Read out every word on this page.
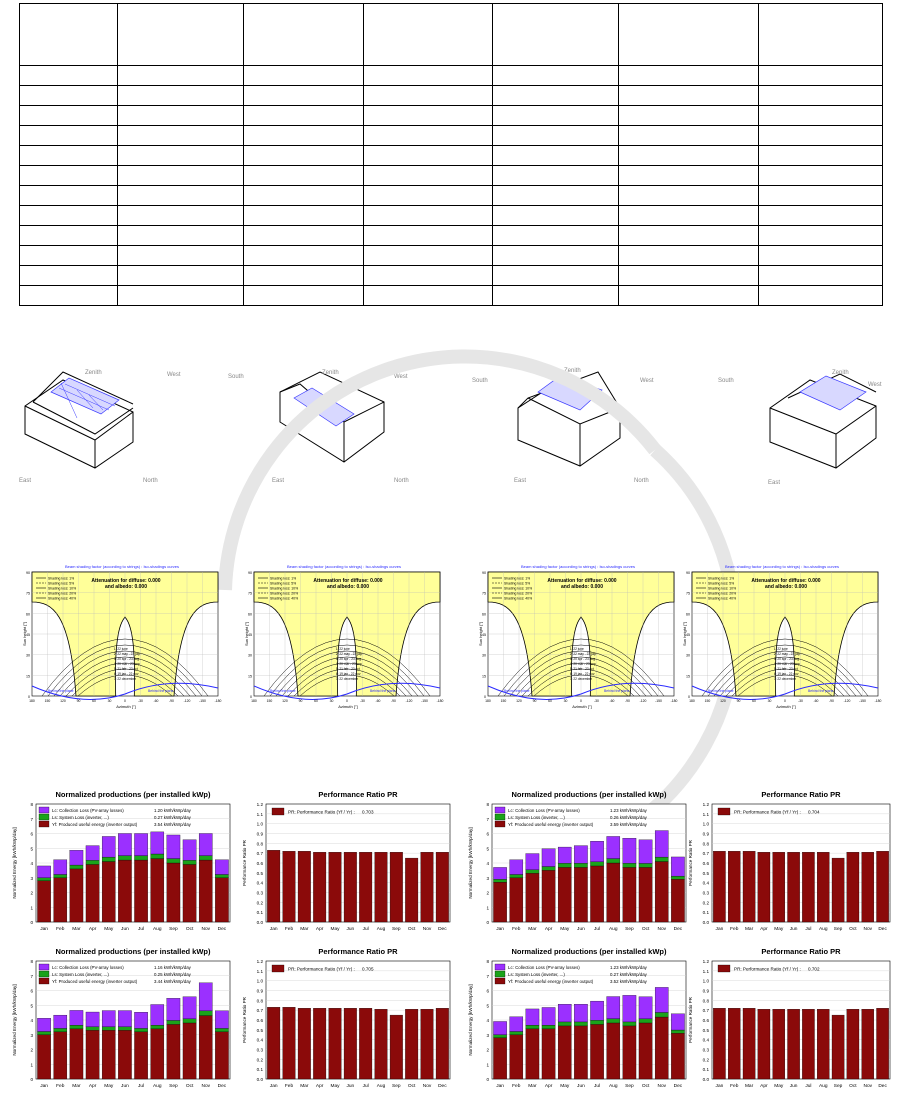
Zenith	West
East	North
Zenith
South	West
East	North
Zenith
South	West
East	North
Zenith
South
West
East
Beam shading factor (according to strings) : Iso-shadings curves
Attenuation for diffuse: 0.000
and albedo: 0.000
Shading loss: 1%
Shading loss: 5%
Shading loss: 10%
Shading loss: 20%
Shading loss: 40%
1: 22 june
2: 22 may - 23 july
3: 20 apr - 23 aug
4: 20 mar - 23 sep
5: 21 feb - 23 oct
6: 19 jan - 22 nov
7: 22 december
Behind the plane	Behind the plane
90
75
60
45
30
15
0
180	150	120	90	60	30	0	-30	-60	-90	-120	-150	-180
Azimuth [°]
Sun height [°]
Beam shading factor (according to strings) : Iso-shadings curves
Attenuation for diffuse: 0.000
and albedo: 0.000
Shading loss: 1%
Shading loss: 5%
Shading loss: 10%
Shading loss: 20%
Shading loss: 40%
1: 22 june
2: 22 may - 23 july
3: 20 apr - 23 aug
4: 20 mar - 23 sep
5: 21 feb - 23 oct
6: 19 jan - 22 nov
7: 22 december
Behind the plane	Behind the plane
90
75
60
45
30
15
0
180	150	120	90	60	30	0	-30	-60	-90	-120	-150	-180
Azimuth [°]
Sun height [°]
Beam shading factor (according to strings) : Iso-shadings curves
Attenuation for diffuse: 0.000
and albedo: 0.000
Shading loss: 1%
Shading loss: 5%
Shading loss: 10%
Shading loss: 20%
Shading loss: 40%
1: 22 june
2: 22 may - 23 july
3: 20 apr - 23 aug
4: 20 mar - 23 sep
5: 21 feb - 23 oct
6: 19 jan - 22 nov
7: 22 december
Behind the plane	Behind the plane
90
75
60
45
30
15
0
180	150	120	90	60	30	0	-30	-60	-90	-120	-150	-180
Azimuth [°]
Sun height [°]
Beam shading factor (according to strings) : Iso-shadings curves
Attenuation for diffuse: 0.000
and albedo: 0.000
Shading loss: 1%
Shading loss: 5%
Shading loss: 10%
Shading loss: 20%
Shading loss: 40%
1: 22 june
2: 22 may - 23 july
3: 20 apr - 23 aug
4: 20 mar - 23 sep
5: 21 feb - 23 oct
6: 19 jan - 22 nov
7: 22 december
Behind the plane	Behind the plane
90
75
60
45
30
15
0
180	150	120	90	60	30	0	-30	-60	-90	-120	-150	-180
Azimuth [°]
Sun height [°]
Normalized productions (per installed kWp)
0
1
2
3
4
5
6
7
8
Normalized Energy [kWh/kWp/day]
Jan Feb Mar Apr May Jun Jul Aug Sep Oct Nov Dec
Lc: Collection Loss (PV-array losses)	1.20 kWh/kWp/day
Ls: System Loss (inverter, ...)	0.27 kWh/kWp/day
Yf: Produced useful energy (inverter output)	3.54 kWh/kWp/day
Performance Ratio PR
0.0
0.1
0.2
0.3
0.4
0.5
0.6
0.7
0.8
0.9
1.0
1.1
1.2
Performance Ratio PR
Jan Feb Mar Apr May Jun Jul Aug Sep Oct Nov Dec
PR: Performance Ratio (Yf / Yr) : 0.703
Normalized productions (per installed kWp)
0
1
2
3
4
5
6
7
8
Normalized Energy [kWh/kWp/day]
Jan Feb Mar Apr May Jun Jul Aug Sep Oct Nov Dec
Lc: Collection Loss (PV-array losses)	1.23 kWh/kWp/day
Ls: System Loss (inverter, ...)	0.26 kWh/kWp/day
Yf: Produced useful energy (inverter output)	3.59 kWh/kWp/day
Performance Ratio PR
0.0
0.1
0.2
0.3
0.4
0.5
0.6
0.7
0.8
0.9
1.0
1.1
1.2
Performance Ratio PR
Jan Feb Mar Apr May Jun Jul Aug Sep Oct Nov Dec
PR: Performance Ratio (Yf / Yr) : 0.704
Normalized productions (per installed kWp)
0
1
2
3
4
5
6
7
8
Normalized Energy [kWh/kWp/day]
Jan Feb Mar Apr May Jun Jul Aug Sep Oct Nov Dec
Lc: Collection Loss (PV-array losses)	1.16 kWh/kWp/day
Ls: System Loss (inverter, ...)	0.25 kWh/kWp/day
Yf: Produced useful energy (inverter output)	3.44 kWh/kWp/day
Performance Ratio PR
0.0
0.1
0.2
0.3
0.4
0.5
0.6
0.7
0.8
0.9
1.0
1.1
1.2
Performance Ratio PR
Jan Feb Mar Apr May Jun Jul Aug Sep Oct Nov Dec
PR: Performance Ratio (Yf / Yr) : 0.705
Normalized productions (per installed kWp)
0
1
2
3
4
5
6
7
8
Normalized Energy [kWh/kWp/day]
Jan Feb Mar Apr May Jun Jul Aug Sep Oct Nov Dec
Lc: Collection Loss (PV-array losses)	1.23 kWh/kWp/day
Ls: System Loss (inverter, ...)	0.27 kWh/kWp/day
Yf: Produced useful energy (inverter output)	3.52 kWh/kWp/day
Performance Ratio PR
0.0
0.1
0.2
0.3
0.4
0.5
0.6
0.7
0.8
0.9
1.0
1.1
1.2
Performance Ratio PR
Jan Feb Mar Apr May Jun Jul Aug Sep Oct Nov Dec
PR: Performance Ratio (Yf / Yr) : 0.702
